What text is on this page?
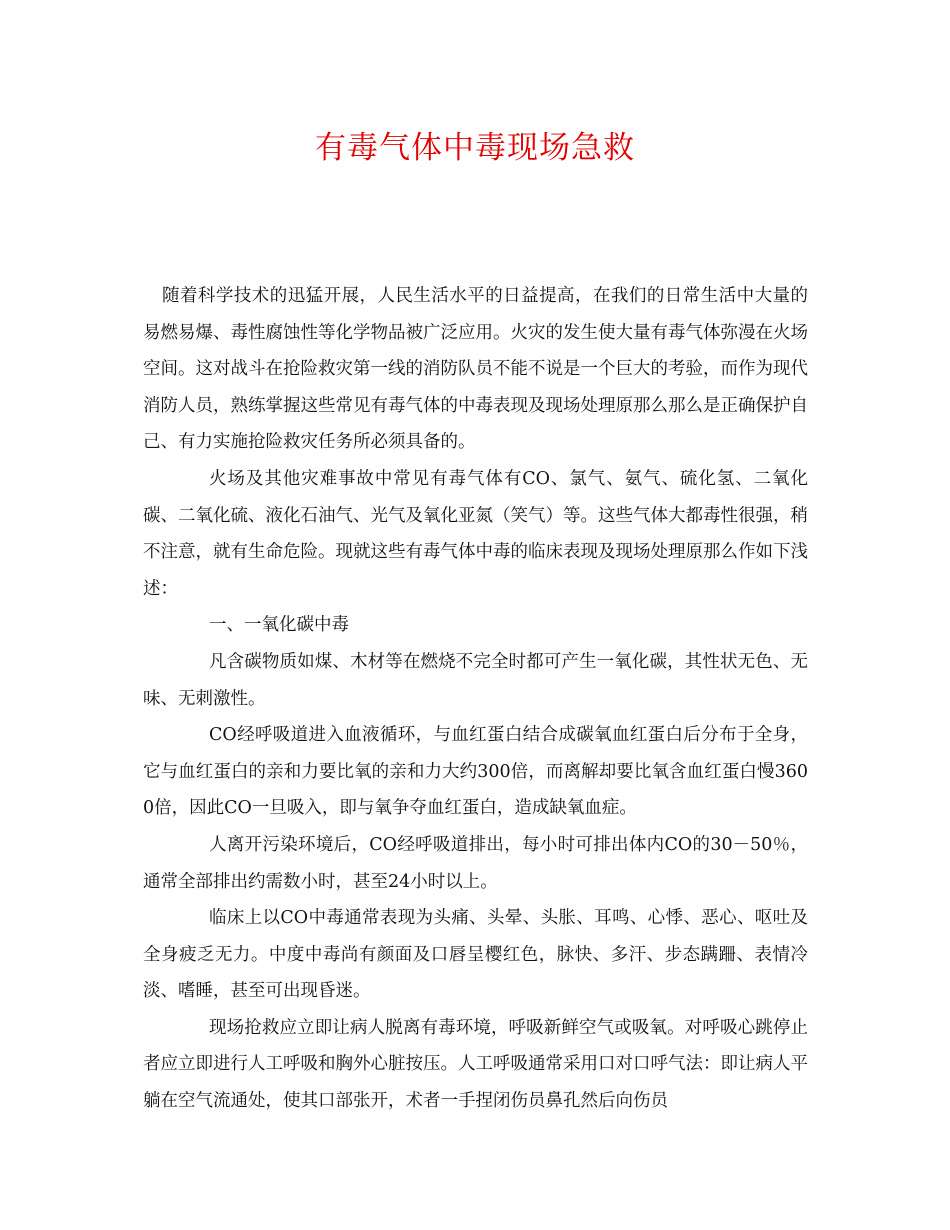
有毒气体中毒现场急救

随着科学技术的迅猛开展，人民生活水平的日益提高，在我们的日常生活中大量的易燃易爆、毒性腐蚀性等化学物品被广泛应用。火灾的发生使大量有毒气体弥漫在火场空间。这对战斗在抢险救灾第一线的消防队员不能不说是一个巨大的考验，而作为现代消防人员，熟练掌握这些常见有毒气体的中毒表现及现场处理原那么那么是正确保护自己、有力实施抢险救灾任务所必须具备的。

火场及其他灾难事故中常见有毒气体有CO、氯气、氨气、硫化氢、二氧化碳、二氧化硫、液化石油气、光气及氧化亚氮（笑气）等。这些气体大都毒性很强，稍不注意，就有生命危险。现就这些有毒气体中毒的临床表现及现场处理原那么作如下浅述：

一、一氧化碳中毒

凡含碳物质如煤、木材等在燃烧不完全时都可产生一氧化碳，其性状无色、无味、无刺激性。

CO经呼吸道进入血液循环，与血红蛋白结合成碳氧血红蛋白后分布于全身，它与血红蛋白的亲和力要比氧的亲和力大约300倍，而离解却要比氧含血红蛋白慢3600倍，因此CO一旦吸入，即与氧争夺血红蛋白，造成缺氧血症。

人离开污染环境后，CO经呼吸道排出，每小时可排出体内CO的30－50％，通常全部排出约需数小时，甚至24小时以上。

临床上以CO中毒通常表现为头痛、头晕、头胀、耳鸣、心悸、恶心、呕吐及全身疲乏无力。中度中毒尚有颜面及口唇呈樱红色，脉快、多汗、步态蹒跚、表情冷淡、嗜睡，甚至可出现昏迷。

现场抢救应立即让病人脱离有毒环境，呼吸新鲜空气或吸氧。对呼吸心跳停止者应立即进行人工呼吸和胸外心脏按压。人工呼吸通常采用口对口呼气法：即让病人平躺在空气流通处，使其口部张开，术者一手捏闭伤员鼻孔然后向伤员
